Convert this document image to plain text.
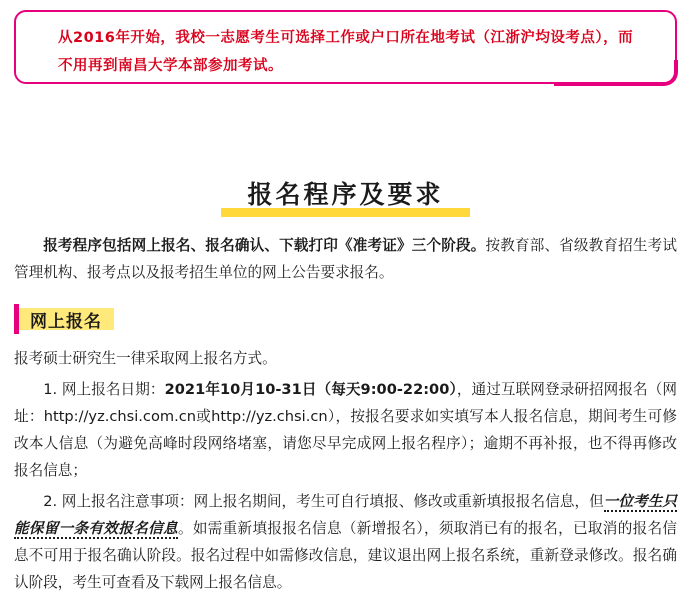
从2016年开始，我校一志愿考生可选择工作或户口所在地考试（江浙沪均设考点），而不用再到南昌大学本部参加考试。
报名程序及要求

报考程序包括网上报名、报名确认、下载打印《准考证》三个阶段。按教育部、省级教育招生考试管理机构、报考点以及报考招生单位的网上公告要求报名。

网上报名

报考硕士研究生一律采取网上报名方式。

1. 网上报名日期：2021年10月10-31日（每天9:00-22:00），通过互联网登录研招网报名（网址：http://yz.chsi.com.cn或http://yz.chsi.cn），按报名要求如实填写本人报名信息，期间考生可修改本人信息（为避免高峰时段网络堵塞，请您尽早完成网上报名程序）；逾期不再补报，也不得再修改报名信息；

2. 网上报名注意事项：网上报名期间，考生可自行填报、修改或重新填报报名信息，但一位考生只能保留一条有效报名信息。如需重新填报报名信息（新增报名），须取消已有的报名，已取消的报名信息不可用于报名确认阶段。报名过程中如需修改信息，建议退出网上报名系统，重新登录修改。报名确认阶段，考生可查看及下载网上报名信息。
